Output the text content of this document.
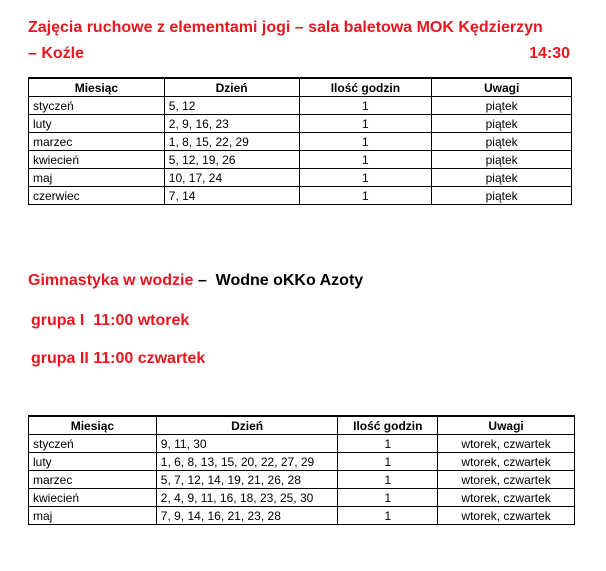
Zajęcia ruchowe z elementami jogi – sala baletowa MOK Kędzierzyn
– Koźle	14:30
Miesiąc	Dzień	Ilość godzin	Uwagi
styczeń	5, 12	1	piątek
luty	2, 9, 16, 23	1	piątek
marzec	1, 8, 15, 22, 29	1	piątek
kwiecień	5, 12, 19, 26	1	piątek
maj	10, 17, 24	1	piątek
czerwiec	7, 14	1	piątek
Gimnastyka w wodzie –  Wodne oKKo Azoty
grupa I  11:00 wtorek
grupa II 11:00 czwartek
Miesiąc	Dzień	Ilość godzin	Uwagi
styczeń	9, 11, 30	1	wtorek, czwartek
luty	1, 6, 8, 13, 15, 20, 22, 27, 29	1	wtorek, czwartek
marzec	5, 7, 12, 14, 19, 21, 26, 28	1	wtorek, czwartek
kwiecień	2, 4, 9, 11, 16, 18, 23, 25, 30	1	wtorek, czwartek
maj	7, 9, 14, 16, 21, 23, 28	1	wtorek, czwartek
